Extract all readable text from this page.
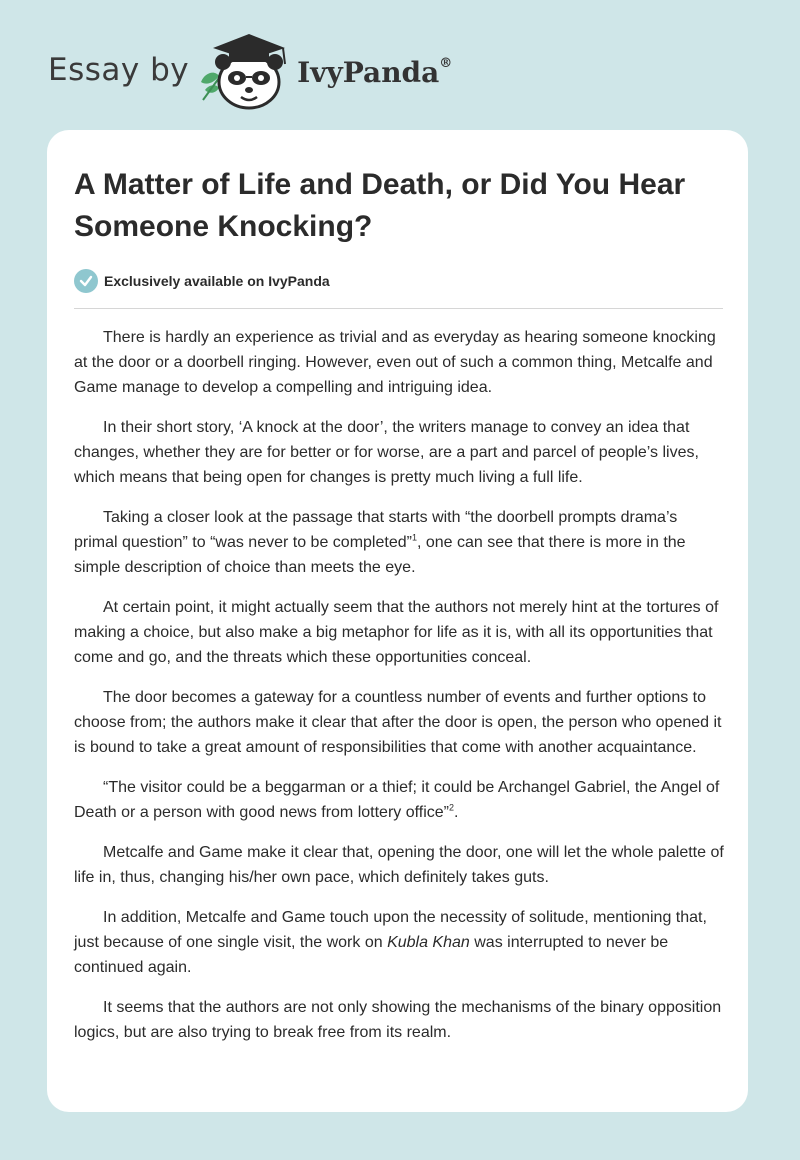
Essay by	IvyPanda®
A Matter of Life and Death, or Did You Hear Someone Knocking?
Exclusively available on IvyPanda

There is hardly an experience as trivial and as everyday as hearing someone knocking at the door or a doorbell ringing. However, even out of such a common thing, Metcalfe and Game manage to develop a compelling and intriguing idea.

In their short story, ‘A knock at the door’, the writers manage to convey an idea that changes, whether they are for better or for worse, are a part and parcel of people’s lives, which means that being open for changes is pretty much living a full life.

Taking a closer look at the passage that starts with “the doorbell prompts drama’s primal question” to “was never to be completed”$^1$, one can see that there is more in the simple description of choice than meets the eye.

At certain point, it might actually seem that the authors not merely hint at the tortures of making a choice, but also make a big metaphor for life as it is, with all its opportunities that come and go, and the threats which these opportunities conceal.

The door becomes a gateway for a countless number of events and further options to choose from; the authors make it clear that after the door is open, the person who opened it is bound to take a great amount of responsibilities that come with another acquaintance.

“The visitor could be a beggarman or a thief; it could be Archangel Gabriel, the Angel of Death or a person with good news from lottery office”$^2$.

Metcalfe and Game make it clear that, opening the door, one will let the whole palette of life in, thus, changing his/her own pace, which definitely takes guts.

In addition, Metcalfe and Game touch upon the necessity of solitude, mentioning that, just because of one single visit, the work on Kubla Khan was interrupted to never be continued again.

It seems that the authors are not only showing the mechanisms of the binary opposition logics, but are also trying to break free from its realm.
